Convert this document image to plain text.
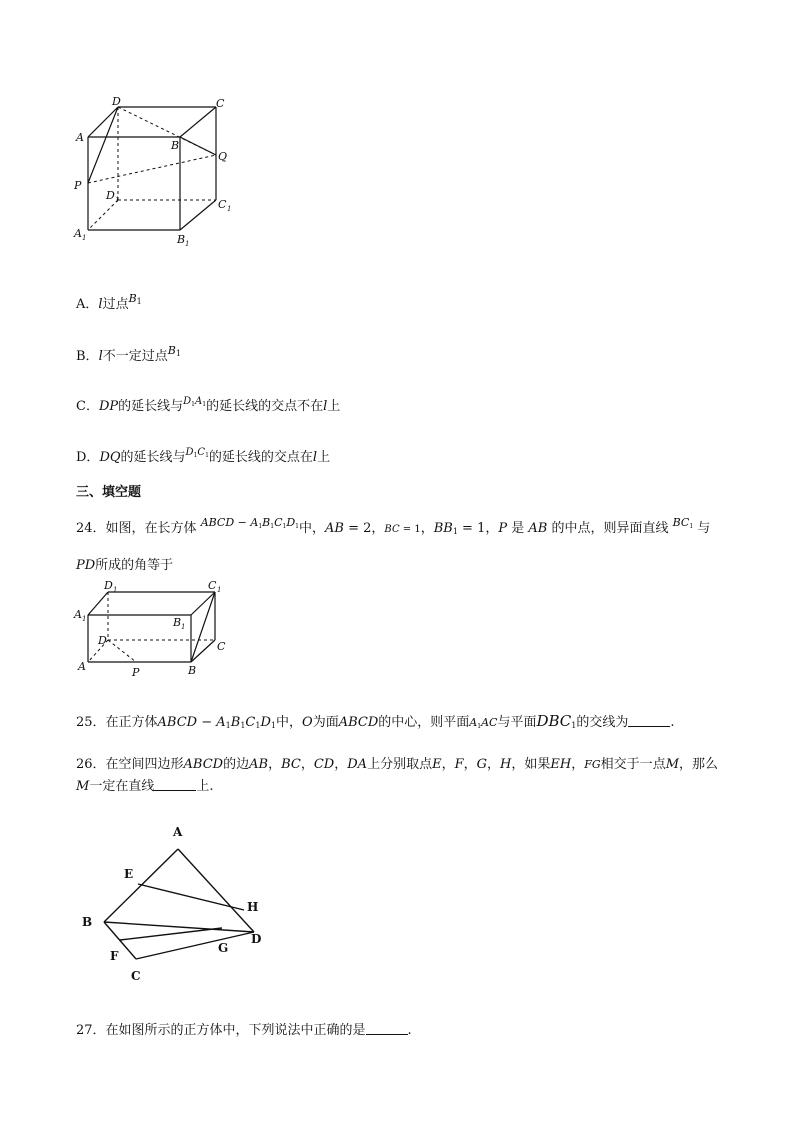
D	C
A
B
Q
P
D 1	C 1
A 1	B 1
A．l过点$^{B1}$
B．l不一定过点$^{B1}$
C．DP的延长线与$^{D1A1}$的延长线的交点不在l上
D．DQ的延长线与$^{D1C1}$的延长线的交点在l上
三、填空题
24．如图，在长方体 $^{ABCD}$ − $^{A1B1C1D1}$中，AB = 2，BC = 1，BB1 = 1，P 是 AB 的中点，则异面直线 $^{BC1}$ 与
PD所成的角等于
D 1	C 1
A 1	B 1
D	C
A	P	B
25．在正方体ABCD − A1B1C1D1中，O为面ABCD的中心，则平面A1AC与平面DBC1的交线为	.
26．在空间四边形ABCD的边AB，BC，CD，DA上分别取点E，F，G，H，如果EH，FG相交于一点M，那么M一定在直线	上.
A
E
H
B
D
G
F
C
27．在如图所示的正方体中，下列说法中正确的是	.
